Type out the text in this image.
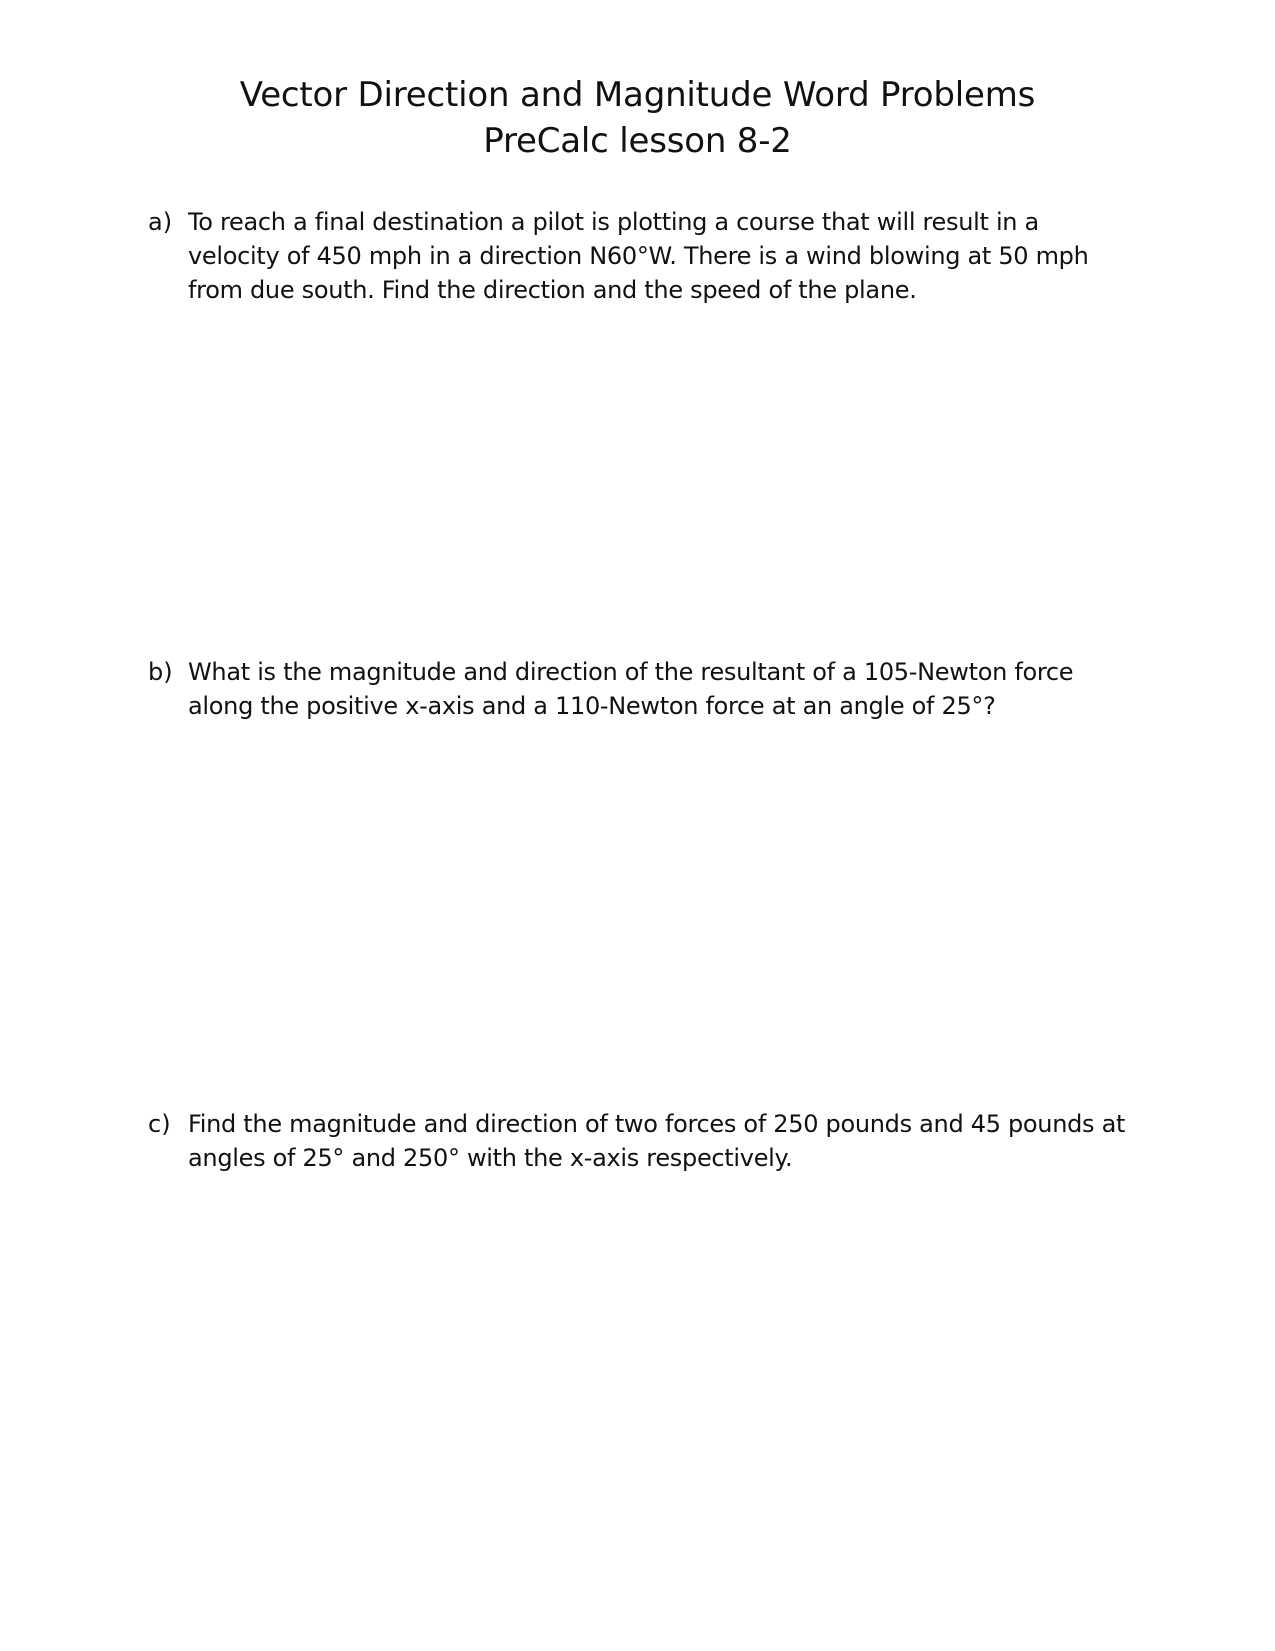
Vector Direction and Magnitude Word Problems
PreCalc lesson 8-2
a) To reach a final destination a pilot is plotting a course that will result in a
velocity of 450 mph in a direction N60°W. There is a wind blowing at 50 mph
from due south. Find the direction and the speed of the plane.
b) What is the magnitude and direction of the resultant of a 105-Newton force
along the positive x-axis and a 110-Newton force at an angle of 25°?
c) Find the magnitude and direction of two forces of 250 pounds and 45 pounds at
angles of 25° and 250° with the x-axis respectively.
